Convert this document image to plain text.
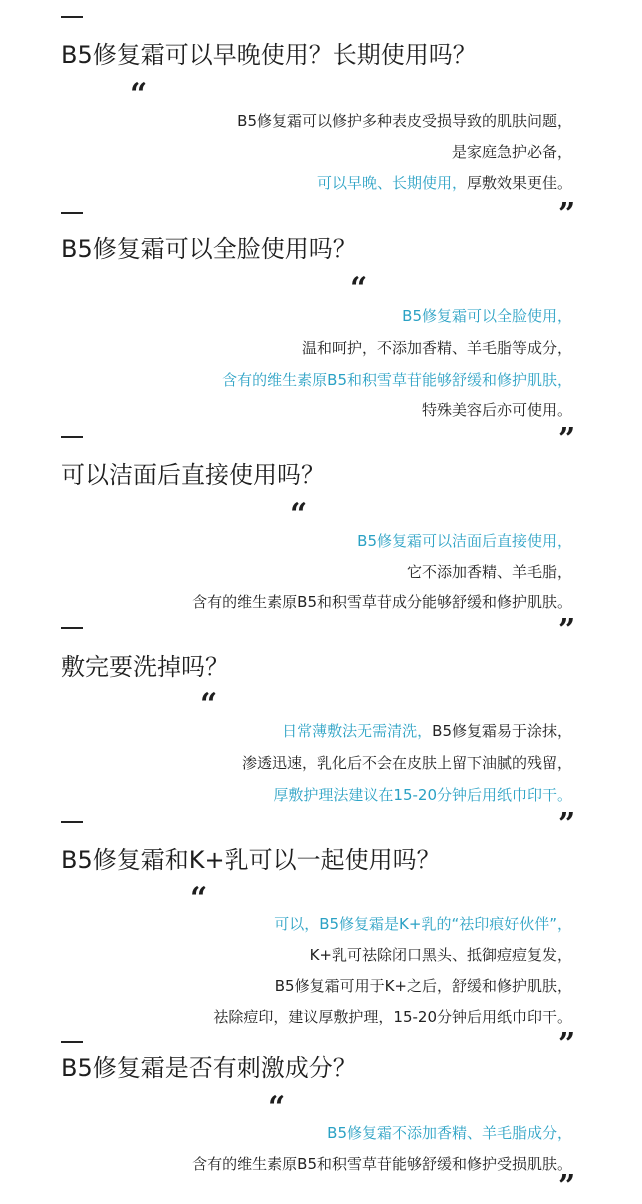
B5修复霜可以早晚使用？长期使用吗？
“
B5修复霜可以修护多种表皮受损导致的肌肤问题，
是家庭急护必备，
可以早晚、长期使用，厚敷效果更佳。
”
B5修复霜可以全脸使用吗？
“
B5修复霜可以全脸使用，
温和呵护，不添加香精、羊毛脂等成分，
含有的维生素原B5和积雪草苷能够舒缓和修护肌肤，
特殊美容后亦可使用。
”
可以洁面后直接使用吗？
“
B5修复霜可以洁面后直接使用，
它不添加香精、羊毛脂，
含有的维生素原B5和积雪草苷成分能够舒缓和修护肌肤。
”
敷完要洗掉吗？
“
日常薄敷法无需清洗，B5修复霜易于涂抹，
渗透迅速，乳化后不会在皮肤上留下油腻的残留，
厚敷护理法建议在15-20分钟后用纸巾印干。
”
B5修复霜和K+乳可以一起使用吗？
“
可以，B5修复霜是K+乳的“祛印痕好伙伴”，
K+乳可祛除闭口黑头、抵御痘痘复发，
B5修复霜可用于K+之后，舒缓和修护肌肤，
祛除痘印，建议厚敷护理，15-20分钟后用纸巾印干。
”
B5修复霜是否有刺激成分？
“
B5修复霜不添加香精、羊毛脂成分，
含有的维生素原B5和积雪草苷能够舒缓和修护受损肌肤。
”
